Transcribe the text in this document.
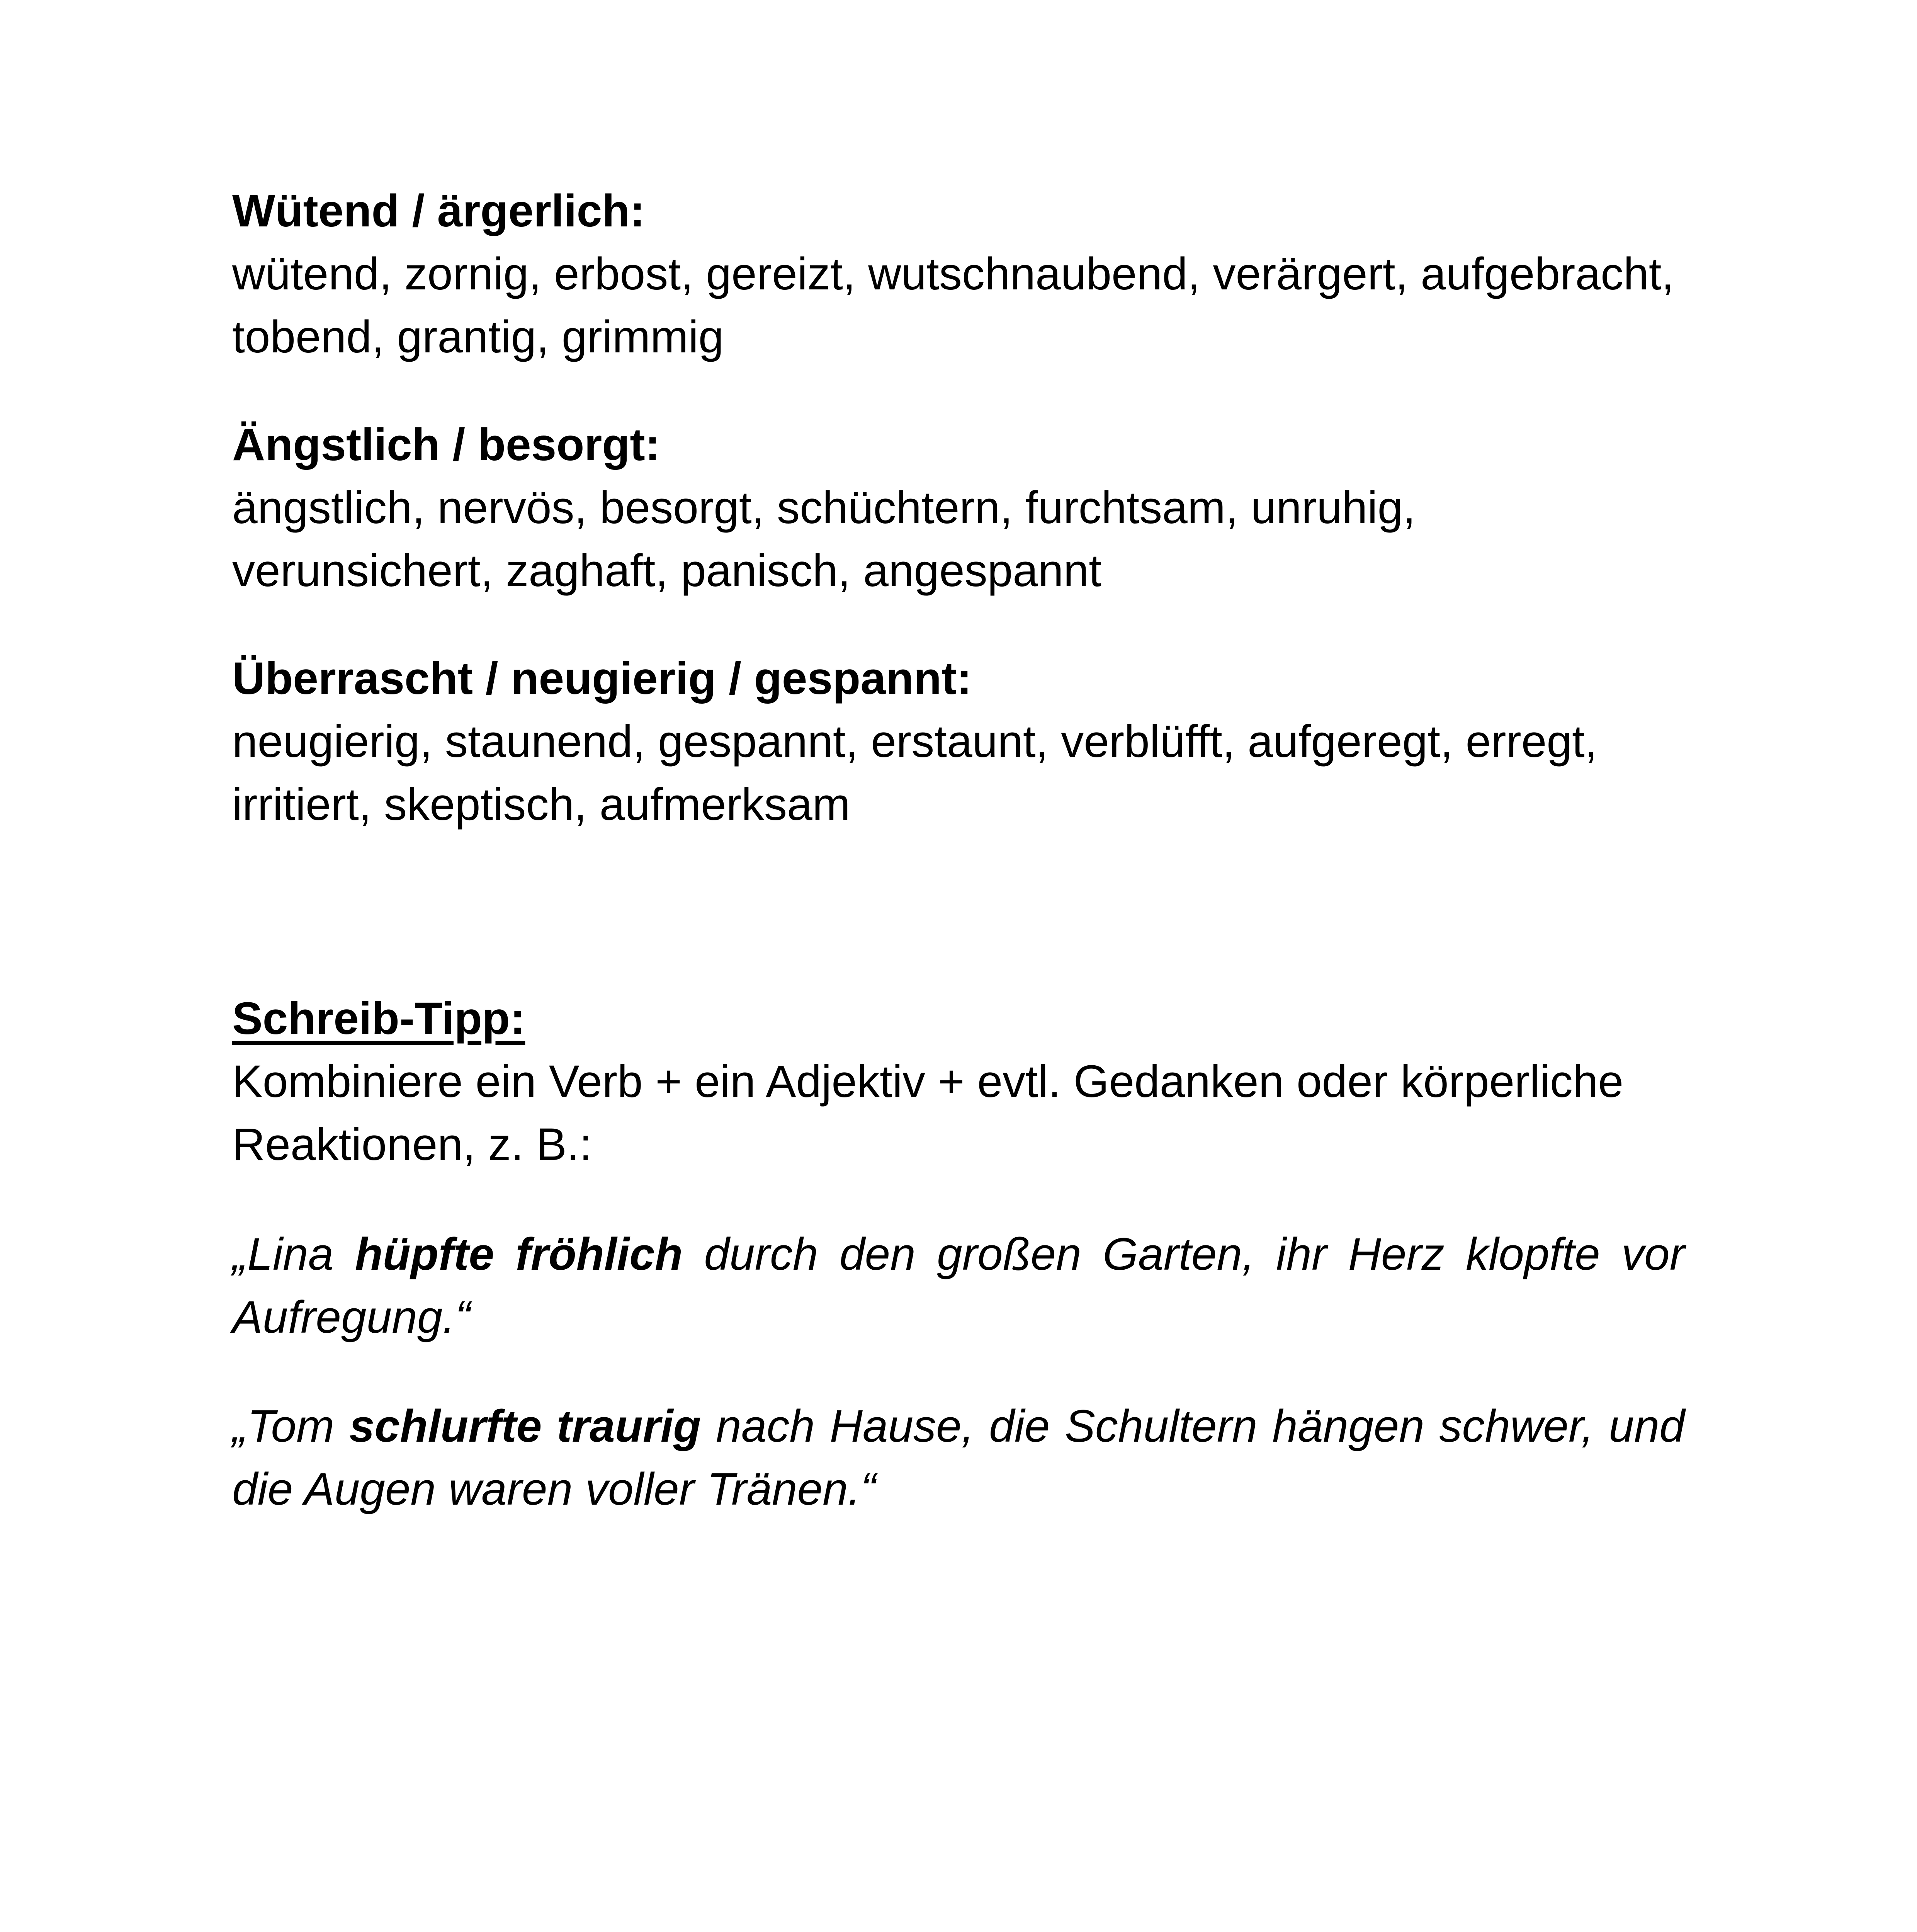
Wütend / ärgerlich:
wütend, zornig, erbost, gereizt, wutschnaubend, verärgert, aufgebracht, tobend, grantig, grimmig
Ängstlich / besorgt:
ängstlich, nervös, besorgt, schüchtern, furchtsam, unruhig, verunsichert, zaghaft, panisch, angespannt
Überrascht / neugierig / gespannt:
neugierig, staunend, gespannt, erstaunt, verblüfft, aufgeregt, erregt, irritiert, skeptisch, aufmerksam
Schreib-Tipp:
Kombiniere ein Verb + ein Adjektiv + evtl. Gedanken oder körperliche Reaktionen, z. B.:
„Lina hüpfte fröhlich durch den großen Garten, ihr Herz klopfte vor Aufregung.“
„Tom schlurfte traurig nach Hause, die Schultern hängen schwer, und die Augen waren voller Tränen.“
